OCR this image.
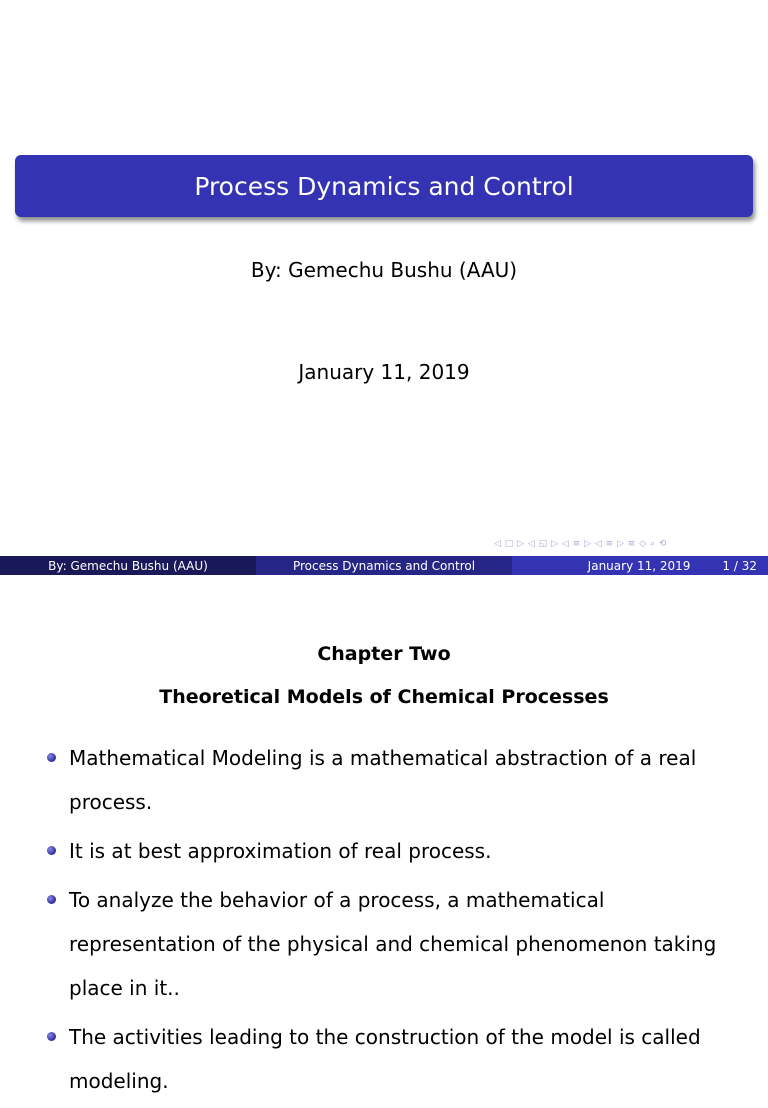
Process Dynamics and Control
By: Gemechu Bushu (AAU)
January 11, 2019
◁ □ ▷ ◁ ◱ ▷ ◁ ≡ ▷ ◁ ≡ ▷ ≡ ◇ ⌕ ⟲
By: Gemechu Bushu (AAU)	Process Dynamics and Control	January 11, 2019	1 / 32
Chapter Two
Theoretical Models of Chemical Processes
Mathematical Modeling is a mathematical abstraction of a real process.
It is at best approximation of real process.
To analyze the behavior of a process, a mathematical representation of the physical and chemical phenomenon taking place in it..
The activities leading to the construction of the model is called modeling.
